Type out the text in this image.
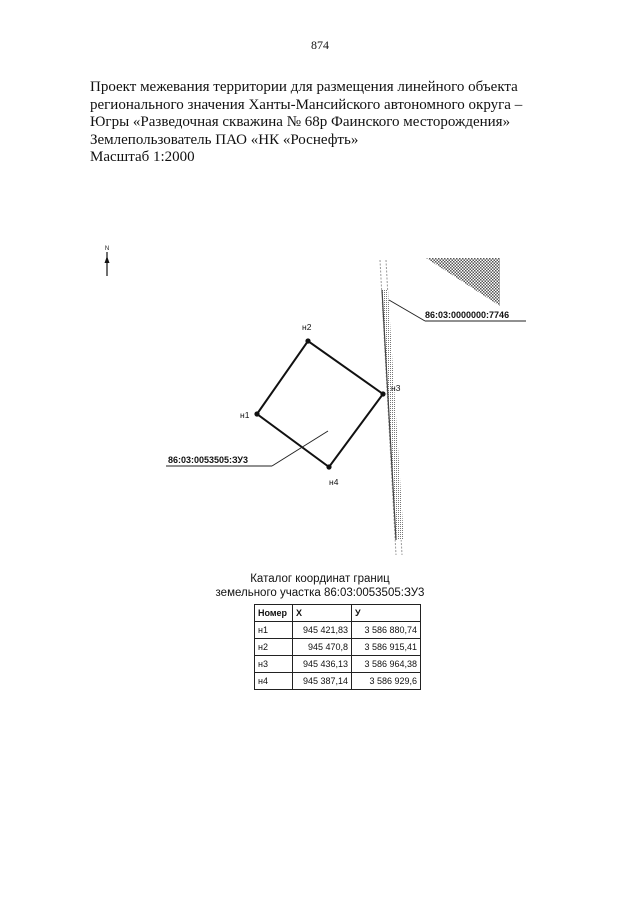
874
Проект межевания территории для размещения линейного объекта
регионального значения Ханты-Мансийского автономного округа –
Югры «Разведочная скважина № 68р Фаинского месторождения»
Землепользователь ПАО «НК «Роснефть»
Масштаб 1:2000
N
86:03:0000000:7746
86:03:0053505:ЗУ3
н1
н2
н3
н4
Каталог координат границ
земельного участка 86:03:0053505:ЗУ3
Номер	X	У
н1	945 421,83	3 586 880,74
н2	945 470,8	3 586 915,41
н3	945 436,13	3 586 964,38
н4	945 387,14	3 586 929,6
